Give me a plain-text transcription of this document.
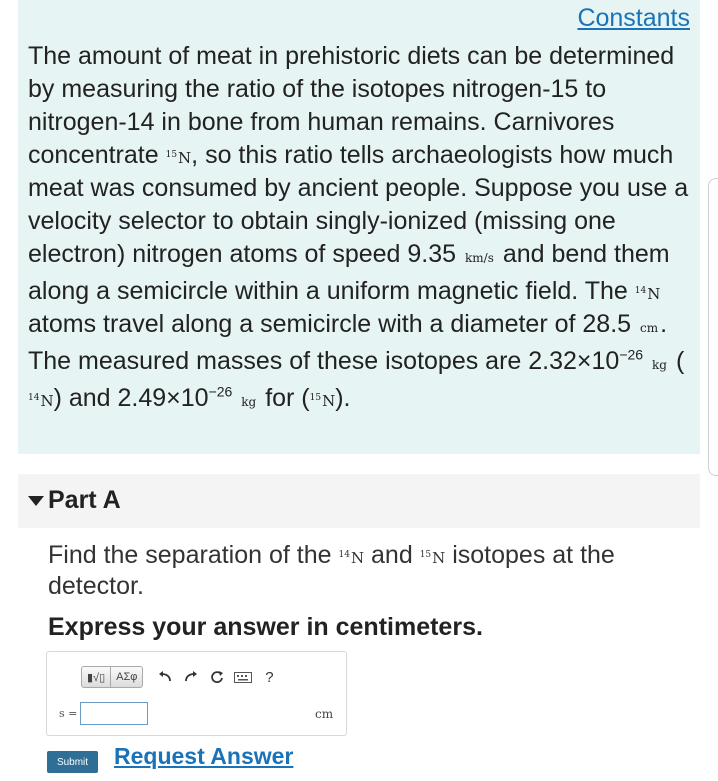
Constants

The amount of meat in prehistoric diets can be determined by measuring the ratio of the isotopes nitrogen-15 to nitrogen-14 in bone from human remains. Carnivores concentrate $^{15}$N, so this ratio tells archaeologists how much meat was consumed by ancient people. Suppose you use a velocity selector to obtain singly-ionized (missing one electron) nitrogen atoms of speed 9.35 km/s and bend them along a semicircle within a uniform magnetic field. The $^{14}$N atoms travel along a semicircle with a diameter of 28.5 cm. The measured masses of these isotopes are $2.32\times 10^{-26}$ kg ($^{14}$N) and $2.49\times 10^{-26}$ kg for ($^{15}$N).

Part A

Find the separation of the $^{14}$N and $^{15}$N isotopes at the detector.

Express your answer in centimeters.
▮√▯	ΑΣφ	?
s =	cm
Submit	Request Answer
